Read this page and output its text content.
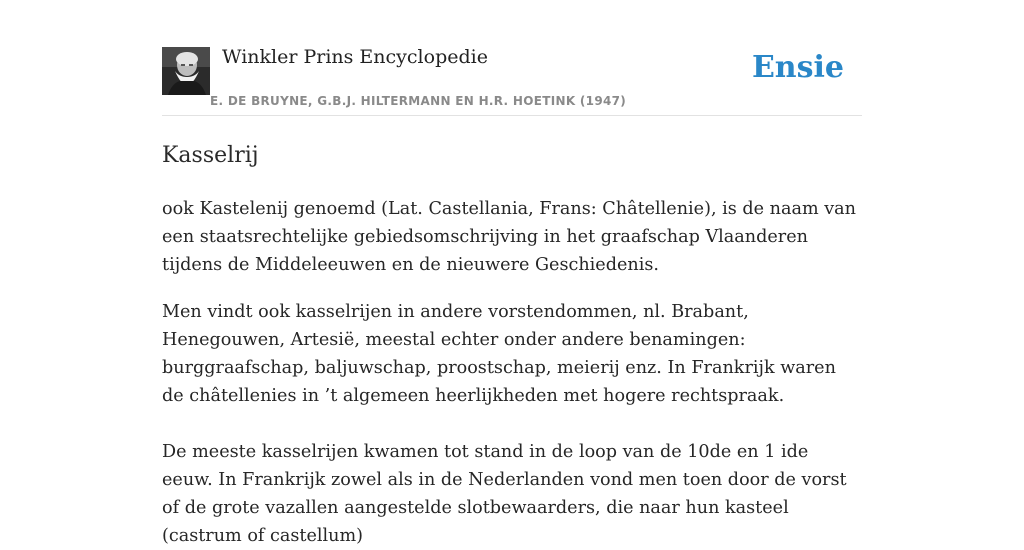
Winkler Prins Encyclopedie
E. DE BRUYNE, G.B.J. HILTERMANN EN H.R. HOETINK (1947)
Ensie
Kasselrij

ook Kastelenij genoemd (Lat. Castellania, Frans: Châtellenie), is de naam van een staatsrechtelijke gebiedsomschrijving in het graafschap Vlaanderen tijdens de Middeleeuwen en de nieuwere Geschiedenis.

Men vindt ook kasselrijen in andere vorstendommen, nl. Brabant, Henegouwen, Artesië, meestal echter onder andere benamingen: burggraafschap, baljuwschap, proostschap, meierij enz. In Frankrijk waren de châtellenies in ’t algemeen heerlijkheden met hogere rechtspraak.

De meeste kasselrijen kwamen tot stand in de loop van de 10de en 1 ide eeuw. In Frankrijk zowel als in de Nederlanden vond men toen door de vorst of de grote vazallen aangestelde slotbewaarders, die naar hun kasteel (castrum of castellum)
